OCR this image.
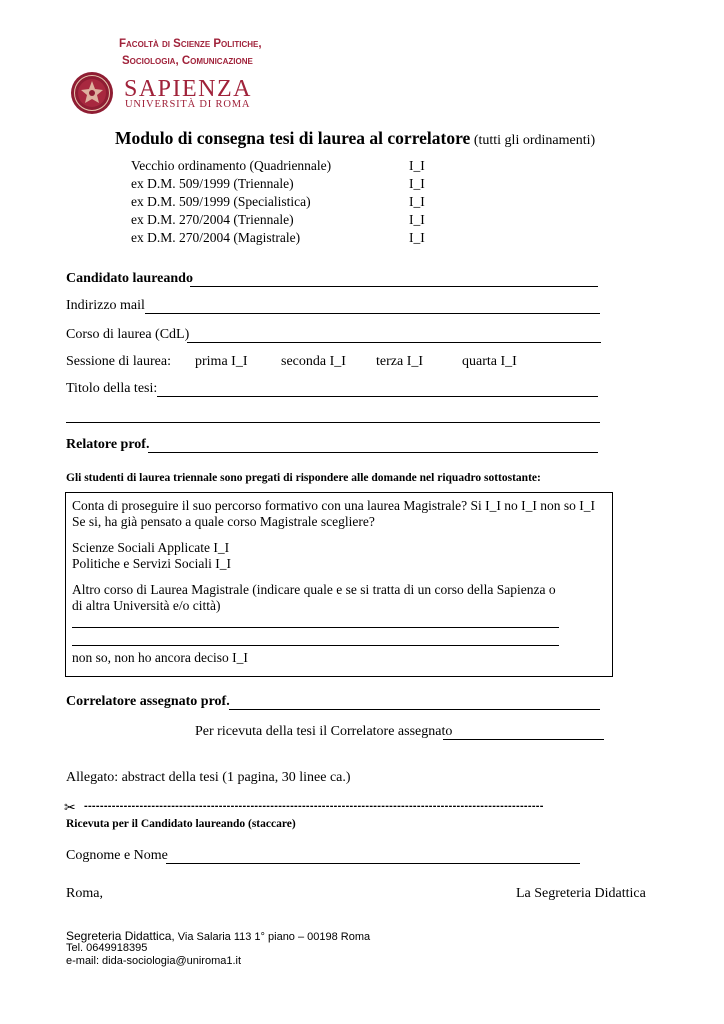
Facoltà di Scienze Politiche,
Sociologia, Comunicazione
SAPIENZA
UNIVERSITÀ DI ROMA
Modulo di consegna tesi di laurea al correlatore (tutti gli ordinamenti)
Vecchio ordinamento (Quadriennale)	I_I
ex D.M. 509/1999 (Triennale)	I_I
ex D.M. 509/1999 (Specialistica)	I_I
ex D.M. 270/2004 (Triennale)	I_I
ex D.M. 270/2004 (Magistrale)	I_I
Candidato laureando
Indirizzo mail
Corso di laurea (CdL)
Sessione di laurea: prima I_I seconda I_I terza I_I	quarta I_I
Titolo della tesi:
Relatore prof.
Gli studenti di laurea triennale sono pregati di rispondere alle domande nel riquadro sottostante:
Conta di proseguire il suo percorso formativo con una laurea Magistrale? Si I_I no I_I non so I_I
Se si, ha già pensato a quale corso Magistrale scegliere?
Scienze Sociali Applicate I_I
Politiche e Servizi Sociali I_I
Altro corso di Laurea Magistrale (indicare quale e se si tratta di un corso della Sapienza o
di altra Università e/o città)
non so, non ho ancora deciso I_I
Correlatore assegnato prof.
Per ricevuta della tesi il Correlatore assegnato
Allegato: abstract della tesi (1 pagina, 30 linee ca.)
✂ --------------------------------------------------------------------------------------------------------------------
Ricevuta per il Candidato laureando (staccare)
Cognome e Nome
Roma,	La Segreteria Didattica
Segreteria Didattica, Via Salaria 113 1° piano – 00198 Roma
Tel. 0649918395
e-mail: dida-sociologia@uniroma1.it
